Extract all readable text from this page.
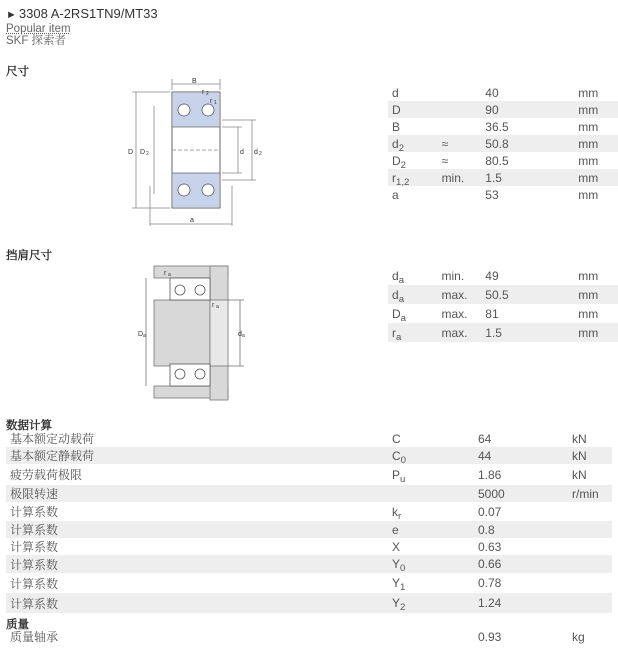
► 3308 A-2RS1TN9/MT33
Popular item
SKF 探索者
尺寸
B
r 2
r 1
D D 2	d d 2
a
d		40	mm
D		90	mm
B		36.5	mm
$d_2$	≈	50.8	mm
$D_2$	≈	80.5	mm
$r_{1,2}$	min.	1.5	mm
a		53	mm
挡肩尺寸
r a
r a
D a	d a
$d_a$	min.	49	mm
$d_a$	max.	50.5	mm
$D_a$	max.	81	mm
$r_a$	max.	1.5	mm
数据计算
基本额定动载荷	C	64	kN
基本额定静载荷	$C_0$	44	kN
疲劳载荷极限	$P_u$	1.86	kN
极限转速		5000	r/min
计算系数	$k_r$	0.07	
计算系数	e	0.8	
计算系数	X	0.63	
计算系数	$Y_0$	0.66	
计算系数	$Y_1$	0.78	
计算系数	$Y_2$	1.24	
质量
质量轴承		0.93	kg
